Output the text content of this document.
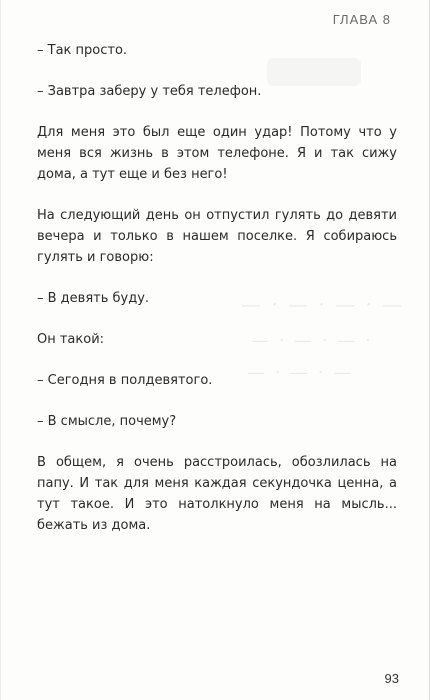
— · — · — · —
— · — · — ·
— · — · —
ГЛАВА 8

– Так просто.

– Завтра заберу у тебя телефон.

Для меня это был еще один удар! Потому что у меня вся жизнь в этом телефоне. Я и так сижу дома, а тут еще и без него!

На следующий день он отпустил гулять до девяти вечера и только в нашем поселке. Я собираюсь гулять и говорю:

– В девять буду.

Он такой:

– Сегодня в полдевятого.

– В смысле, почему?

В общем, я очень расстроилась, обозлилась на папу. И так для меня каждая секундочка ценна, а тут такое. И это натолкнуло меня на мысль... бежать из дома.

93
